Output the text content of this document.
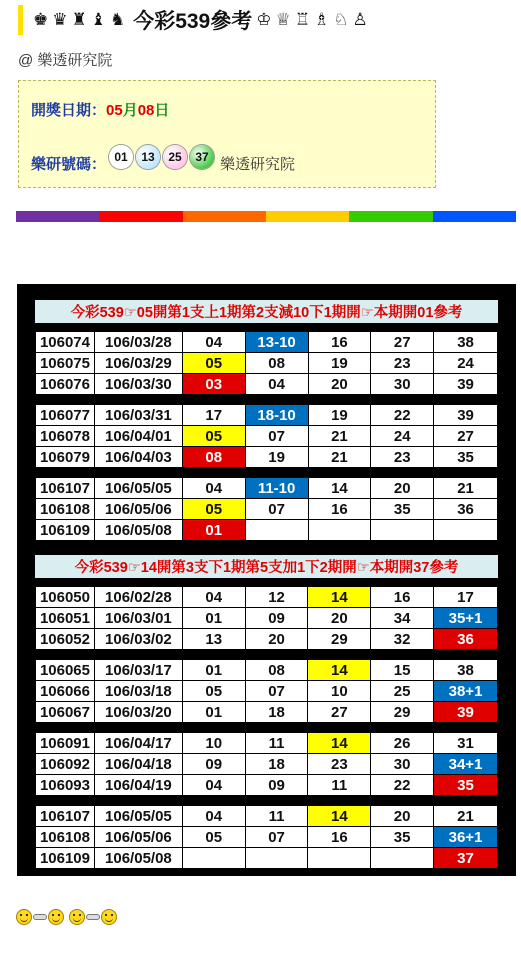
♚♛♜♝♞ 今彩539參考 ♔♕♖♗♘♙
@ 樂透研究院
開獎日期：05月08日
樂研號碼： 01	13	25	37 樂透研究院
今彩539☞05開第1支上1期第2支減10下1期開☞本期開01參考
106074	106/03/28	04	13-10	16	27	38
106075	106/03/29	05	08	19	23	24
106076	106/03/30	03	04	20	30	39
106077	106/03/31	17	18-10	19	22	39
106078	106/04/01	05	07	21	24	27
106079	106/04/03	08	19	21	23	35
106107	106/05/05	04	11-10	14	20	21
106108	106/05/06	05	07	16	35	36
106109	106/05/08	01				
今彩539☞14開第3支下1期第5支加1下2期開☞本期開37參考
106050	106/02/28	04	12	14	16	17
106051	106/03/01	01	09	20	34	35+1
106052	106/03/02	13	20	29	32	36
106065	106/03/17	01	08	14	15	38
106066	106/03/18	05	07	10	25	38+1
106067	106/03/20	01	18	27	29	39
106091	106/04/17	10	11	14	26	31
106092	106/04/18	09	18	23	30	34+1
106093	106/04/19	04	09	11	22	35
106107	106/05/05	04	11	14	20	21
106108	106/05/06	05	07	16	35	36+1
106109	106/05/08					37
